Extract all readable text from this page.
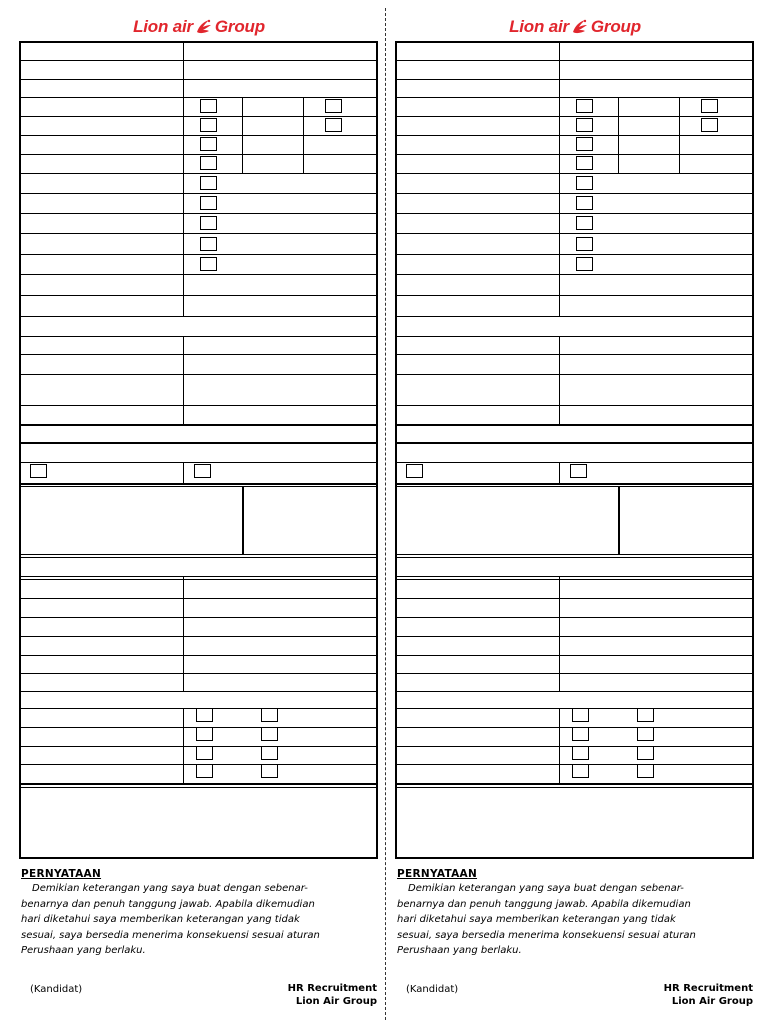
Lion air Group
PERNYATAAN
Demikian keterangan yang saya buat dengan sebenar-
benarnya dan penuh tanggung jawab. Apabila dikemudian
hari diketahui saya memberikan keterangan yang tidak
sesuai, saya bersedia menerima konsekuensi sesuai aturan
Perushaan yang berlaku.
(Kandidat)	HR Recruitment
Lion Air Group
Lion air Group
PERNYATAAN
Demikian keterangan yang saya buat dengan sebenar-
benarnya dan penuh tanggung jawab. Apabila dikemudian
hari diketahui saya memberikan keterangan yang tidak
sesuai, saya bersedia menerima konsekuensi sesuai aturan
Perushaan yang berlaku.
(Kandidat)	HR Recruitment
Lion Air Group
